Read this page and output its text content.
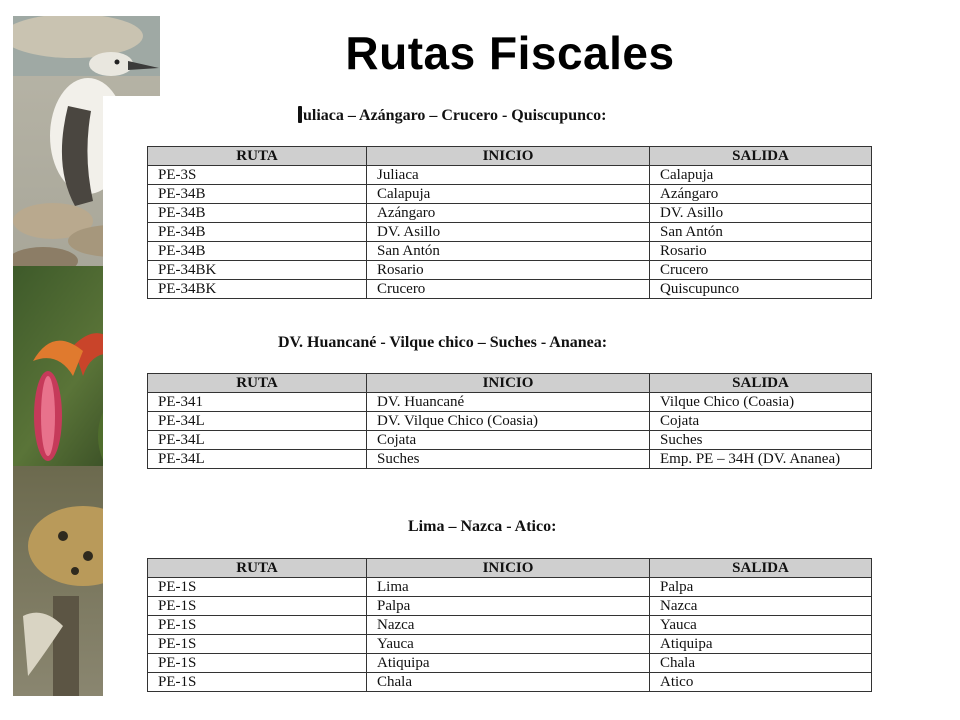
Rutas Fiscales
uliaca – Azángaro – Crucero - Quiscupunco:
RUTA	INICIO	SALIDA
PE-3S	Juliaca	Calapuja
PE-34B	Calapuja	Azángaro
PE-34B	Azángaro	DV. Asillo
PE-34B	DV. Asillo	San Antón
PE-34B	San Antón	Rosario
PE-34BK	Rosario	Crucero
PE-34BK	Crucero	Quiscupunco
DV. Huancané - Vilque chico – Suches - Ananea:
RUTA	INICIO	SALIDA
PE-341	DV. Huancané	Vilque Chico (Coasia)
PE-34L	DV. Vilque Chico (Coasia)	Cojata
PE-34L	Cojata	Suches
PE-34L	Suches	Emp. PE – 34H (DV. Ananea)
Lima – Nazca - Atico:
RUTA	INICIO	SALIDA
PE-1S	Lima	Palpa
PE-1S	Palpa	Nazca
PE-1S	Nazca	Yauca
PE-1S	Yauca	Atiquipa
PE-1S	Atiquipa	Chala
PE-1S	Chala	Atico
